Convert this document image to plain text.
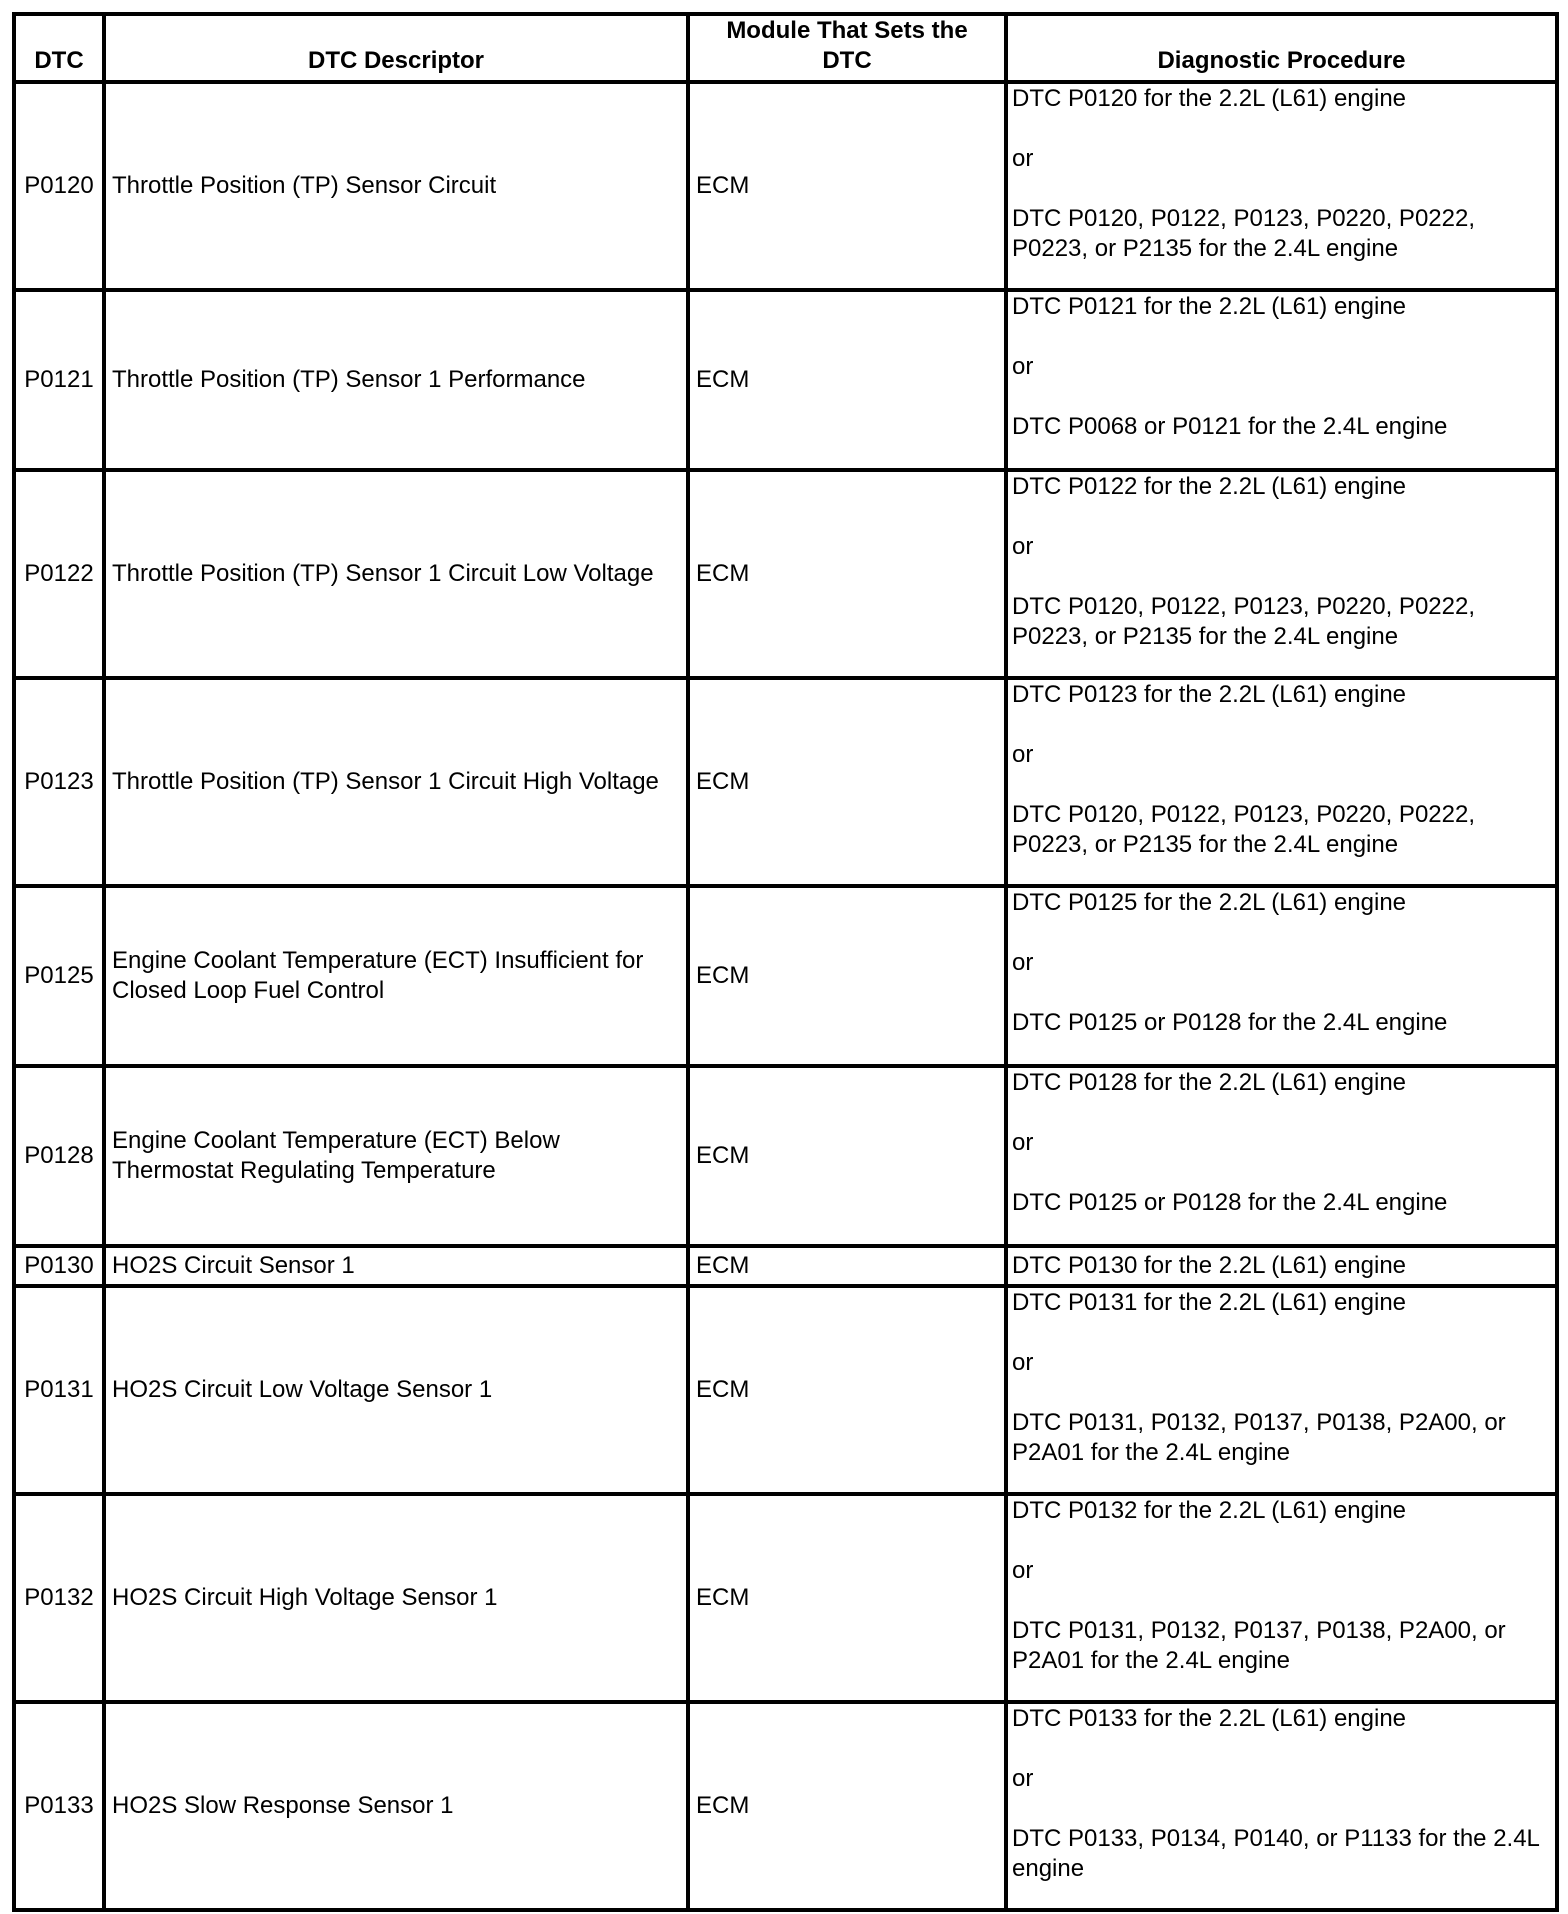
DTC	DTC Descriptor	Module That Sets the DTC	Diagnostic Procedure
P0120	Throttle Position (TP) Sensor Circuit	ECM	DTC P0120 for the 2.2L (L61) engine
or
DTC P0120, P0122, P0123, P0220, P0222, P0223, or P2135 for the 2.4L engine

P0121	Throttle Position (TP) Sensor 1 Performance	ECM	DTC P0121 for the 2.2L (L61) engine
or
DTC P0068 or P0121 for the 2.4L engine

P0122	Throttle Position (TP) Sensor 1 Circuit Low Voltage	ECM	DTC P0122 for the 2.2L (L61) engine
or
DTC P0120, P0122, P0123, P0220, P0222, P0223, or P2135 for the 2.4L engine

P0123	Throttle Position (TP) Sensor 1 Circuit High Voltage	ECM	DTC P0123 for the 2.2L (L61) engine
or
DTC P0120, P0122, P0123, P0220, P0222, P0223, or P2135 for the 2.4L engine

P0125	Engine Coolant Temperature (ECT) Insufficient for Closed Loop Fuel Control	ECM	DTC P0125 for the 2.2L (L61) engine
or
DTC P0125 or P0128 for the 2.4L engine

P0128	Engine Coolant Temperature (ECT) Below Thermostat Regulating Temperature	ECM	DTC P0128 for the 2.2L (L61) engine
or
DTC P0125 or P0128 for the 2.4L engine

P0130	HO2S Circuit Sensor 1	ECM	DTC P0130 for the 2.2L (L61) engine

P0131	HO2S Circuit Low Voltage Sensor 1	ECM	DTC P0131 for the 2.2L (L61) engine
or
DTC P0131, P0132, P0137, P0138, P2A00, or P2A01 for the 2.4L engine

P0132	HO2S Circuit High Voltage Sensor 1	ECM	DTC P0132 for the 2.2L (L61) engine
or
DTC P0131, P0132, P0137, P0138, P2A00, or P2A01 for the 2.4L engine

P0133	HO2S Slow Response Sensor 1	ECM	DTC P0133 for the 2.2L (L61) engine
or
DTC P0133, P0134, P0140, or P1133 for the 2.4L engine
